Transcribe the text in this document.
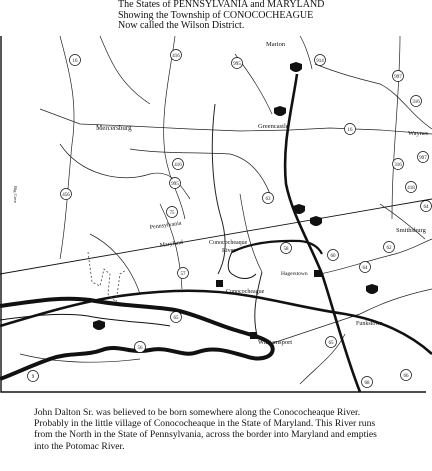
The States of PENNSYLVANIA and MARYLAND
Showing the Township of CONOCOCHEAGUE
Now called the Wilson District.
16
416
995
914
997
316
416
16
995
316
997
456
75
63
418
64
58
57
60
62
64
65
56
65
68
66
9
Marion
Mercersburg	Greencastle
Waynes
Smithsburg
Pennsylvania
Maryland	Conococheaque
River
Hagerstown
Conococheague
Williamsport
Funkstown
Big Cove
John Dalton Sr. was believed to be born somewhere along the Conococheaque River.
Probably in the little village of Conococheaque in the State of Maryland. This River runs
from the North in the State of Pennsylvania, across the border into Maryland and empties
into the Potomac River.
